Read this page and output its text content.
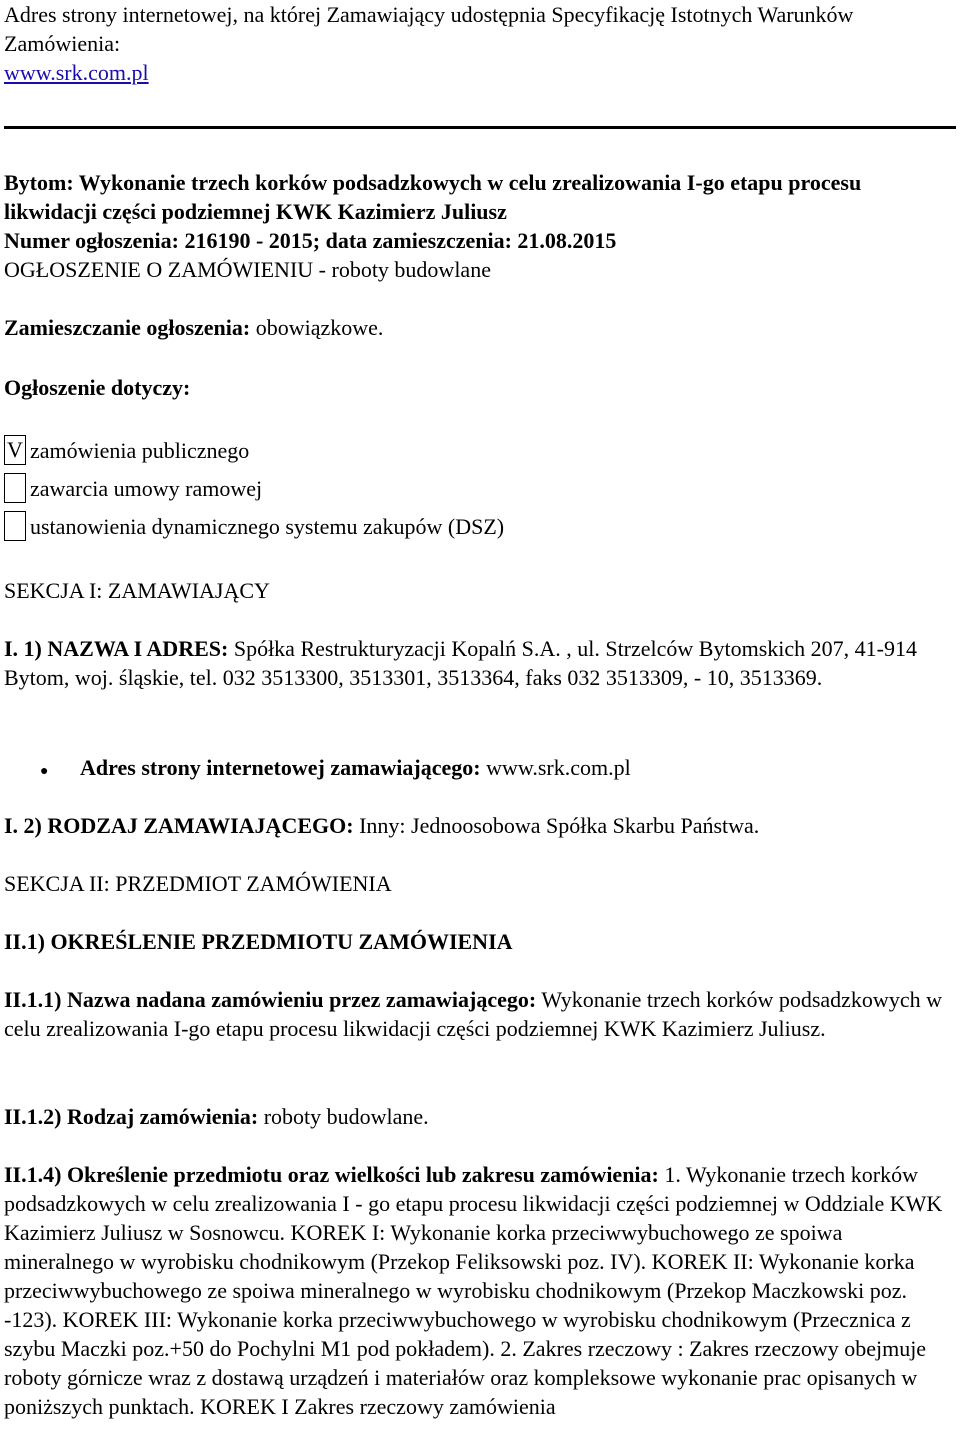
Adres strony internetowej, na której Zamawiający udostępnia Specyfikację Istotnych Warunków Zamówienia:
www.srk.com.pl

Bytom: Wykonanie trzech korków podsadzkowych w celu zrealizowania I-go etapu procesu likwidacji części podziemnej KWK Kazimierz Juliusz

Numer ogłoszenia: 216190 - 2015; data zamieszczenia: 21.08.2015

OGŁOSZENIE O ZAMÓWIENIU - roboty budowlane

Zamieszczanie ogłoszenia: obowiązkowe.

Ogłoszenie dotyczy:

V zamówienia publicznego
zawarcia umowy ramowej
ustanowienia dynamicznego systemu zakupów (DSZ)

SEKCJA I: ZAMAWIAJĄCY

I. 1) NAZWA I ADRES: Spółka Restrukturyzacji Kopalń S.A. , ul. Strzelców Bytomskich 207, 41-914 Bytom, woj. śląskie, tel. 032 3513300, 3513301, 3513364, faks 032 3513309, - 10, 3513369.

●	Adres strony internetowej zamawiającego: www.srk.com.pl

I. 2) RODZAJ ZAMAWIAJĄCEGO: Inny: Jednoosobowa Spółka Skarbu Państwa.

SEKCJA II: PRZEDMIOT ZAMÓWIENIA

II.1) OKREŚLENIE PRZEDMIOTU ZAMÓWIENIA

II.1.1) Nazwa nadana zamówieniu przez zamawiającego: Wykonanie trzech korków podsadzkowych w celu zrealizowania I-go etapu procesu likwidacji części podziemnej KWK Kazimierz Juliusz.

II.1.2) Rodzaj zamówienia: roboty budowlane.

II.1.4) Określenie przedmiotu oraz wielkości lub zakresu zamówienia: 1. Wykonanie trzech korków podsadzkowych w celu zrealizowania I - go etapu procesu likwidacji części podziemnej w Oddziale KWK Kazimierz Juliusz w Sosnowcu. KOREK I: Wykonanie korka przeciwwybuchowego ze spoiwa mineralnego w wyrobisku chodnikowym (Przekop Feliksowski poz. IV). KOREK II: Wykonanie korka przeciwwybuchowego ze spoiwa mineralnego w wyrobisku chodnikowym (Przekop Maczkowski poz. -123). KOREK III: Wykonanie korka przeciwwybuchowego w wyrobisku chodnikowym (Przecznica z szybu Maczki poz.+50 do Pochylni M1 pod pokładem). 2. Zakres rzeczowy : Zakres rzeczowy obejmuje roboty górnicze wraz z dostawą urządzeń i materiałów oraz kompleksowe wykonanie prac opisanych w poniższych punktach. KOREK I Zakres rzeczowy zamówienia
